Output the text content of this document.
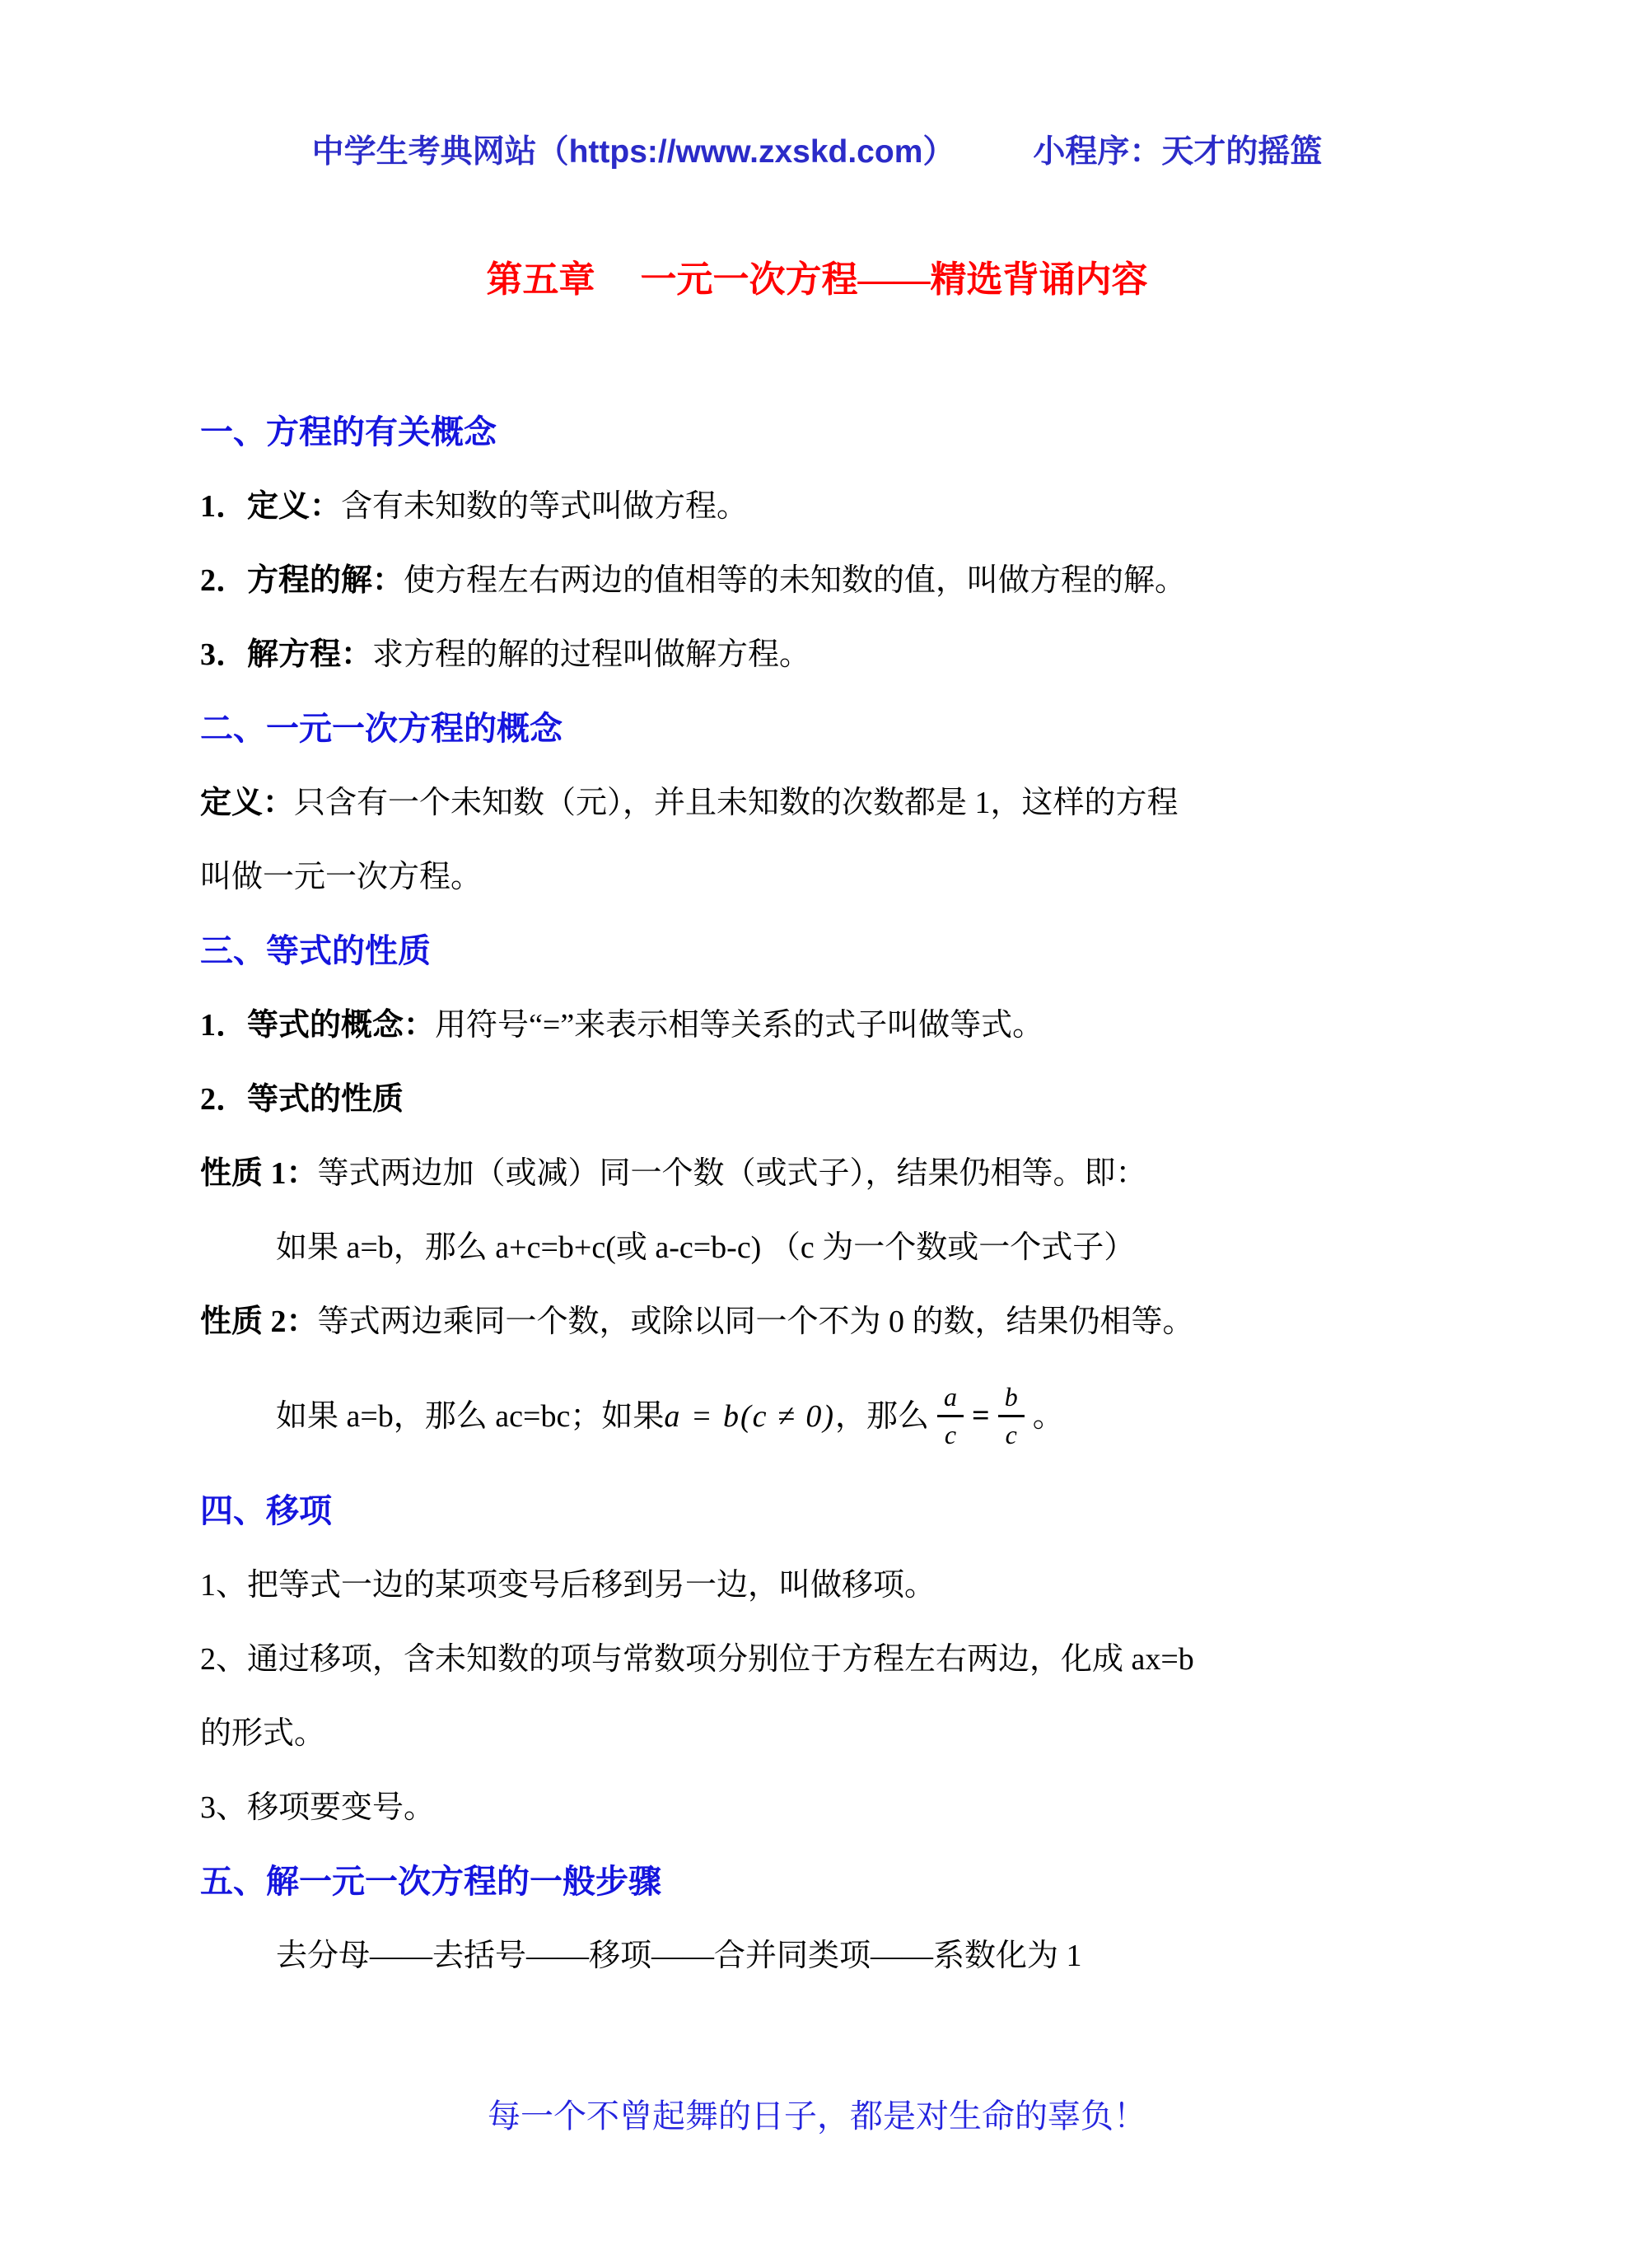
中学生考典网站（https://www.zxskd.com） 小程序：天才的摇篮
第五章 一元一次方程——精选背诵内容
一、方程的有关概念
1．定义：含有未知数的等式叫做方程。
2．方程的解：使方程左右两边的值相等的未知数的值，叫做方程的解。
3．解方程：求方程的解的过程叫做解方程。
二、一元一次方程的概念
定义：只含有一个未知数（元），并且未知数的次数都是 1，这样的方程
叫做一元一次方程。
三、等式的性质
1．等式的概念：用符号“=”来表示相等关系的式子叫做等式。
2．等式的性质
性质 1：等式两边加（或减）同一个数（或式子），结果仍相等。即：
如果 a=b，那么 a+c=b+c(或 a-c=b-c) （c 为一个数或一个式子）
性质 2：等式两边乘同一个数，或除以同一个不为 0 的数，结果仍相等。
如果 a=b，那么 ac=bc；如果a = b(c ≠ 0)，那么 $\frac{a}{c} = \frac{b}{c}$ 。
四、移项
1、把等式一边的某项变号后移到另一边，叫做移项。
2、通过移项，含未知数的项与常数项分别位于方程左右两边，化成 ax=b
的形式。
3、移项要变号。
五、解一元一次方程的一般步骤
去分母——去括号——移项——合并同类项——系数化为 1
每一个不曾起舞的日子，都是对生命的辜负！
